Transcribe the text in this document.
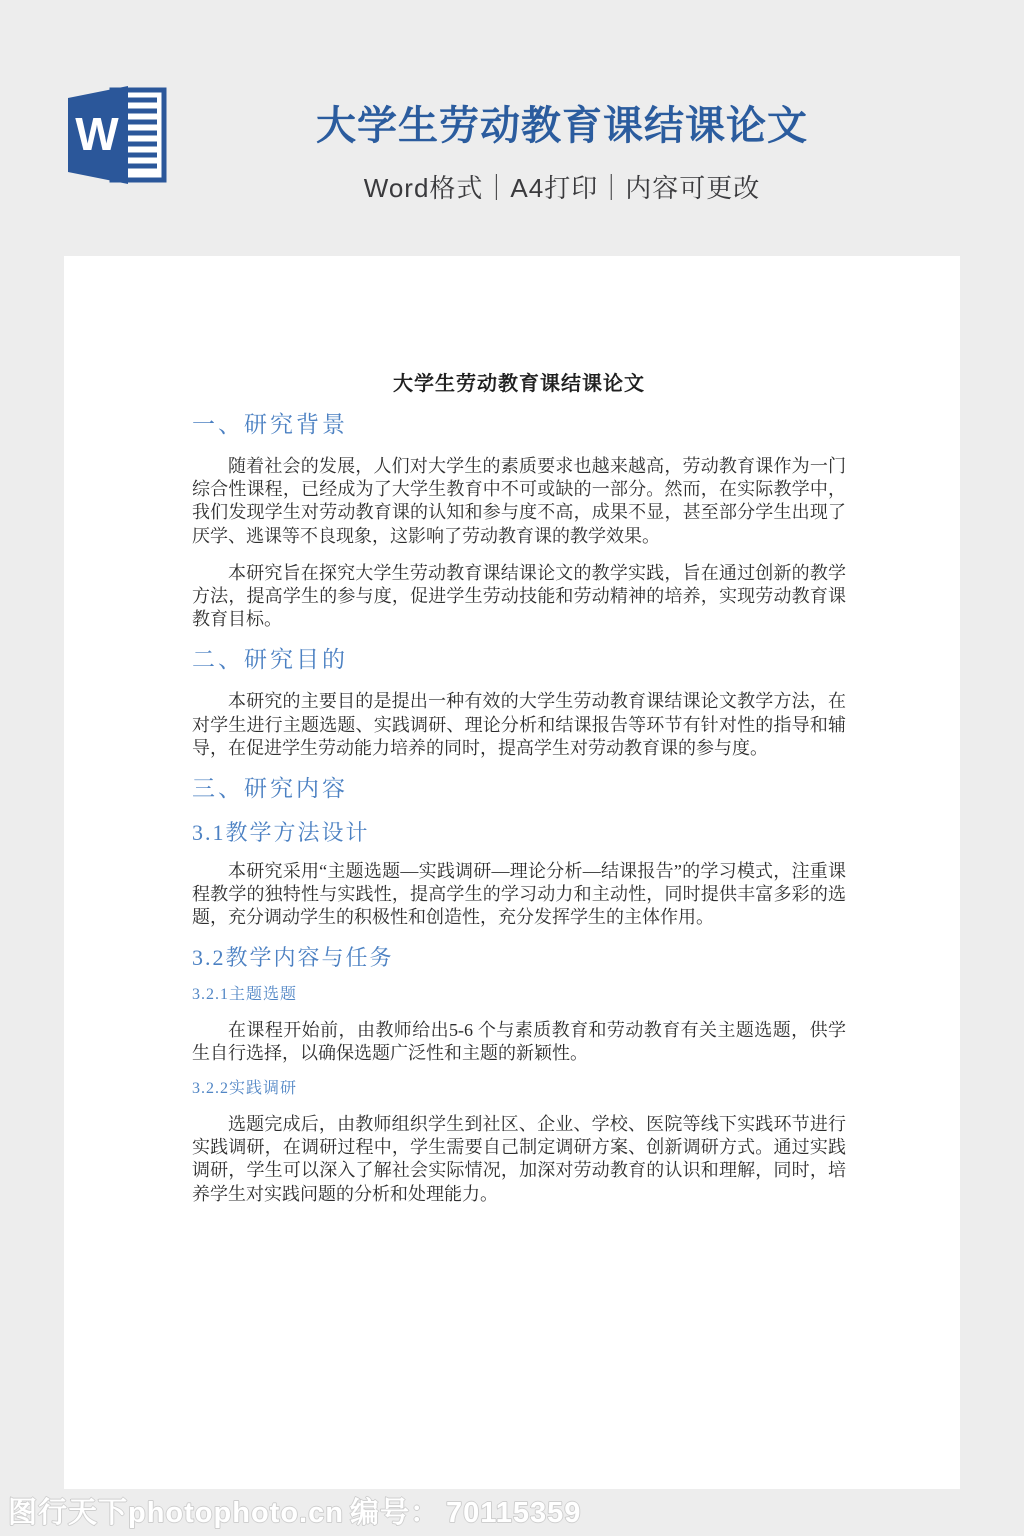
W	大学生劳动教育课结课论文
Word格式｜A4打印｜内容可更改
大学生劳动教育课结课论文
一、研究背景

随着社会的发展，人们对大学生的素质要求也越来越高，劳动教育课作为一门综合性课程，已经成为了大学生教育中不可或缺的一部分。然而，在实际教学中，我们发现学生对劳动教育课的认知和参与度不高，成果不显，甚至部分学生出现了厌学、逃课等不良现象，这影响了劳动教育课的教学效果。

本研究旨在探究大学生劳动教育课结课论文的教学实践，旨在通过创新的教学方法，提高学生的参与度，促进学生劳动技能和劳动精神的培养，实现劳动教育课教育目标。

二、研究目的

本研究的主要目的是提出一种有效的大学生劳动教育课结课论文教学方法，在对学生进行主题选题、实践调研、理论分析和结课报告等环节有针对性的指导和辅导，在促进学生劳动能力培养的同时，提高学生对劳动教育课的参与度。

三、研究内容
3.1教学方法设计

本研究采用“主题选题—实践调研—理论分析—结课报告”的学习模式，注重课程教学的独特性与实践性，提高学生的学习动力和主动性，同时提供丰富多彩的选题，充分调动学生的积极性和创造性，充分发挥学生的主体作用。

3.2教学内容与任务
3.2.1主题选题

在课程开始前，由教师给出5-6 个与素质教育和劳动教育有关主题选题，供学生自行选择，以确保选题广泛性和主题的新颖性。

3.2.2实践调研

选题完成后，由教师组织学生到社区、企业、学校、医院等线下实践环节进行实践调研，在调研过程中，学生需要自己制定调研方案、创新调研方式。通过实践调研，学生可以深入了解社会实际情况，加深对劳动教育的认识和理解，同时，培养学生对实践问题的分析和处理能力。

图行天下photophoto.cn 编号： 70115359
